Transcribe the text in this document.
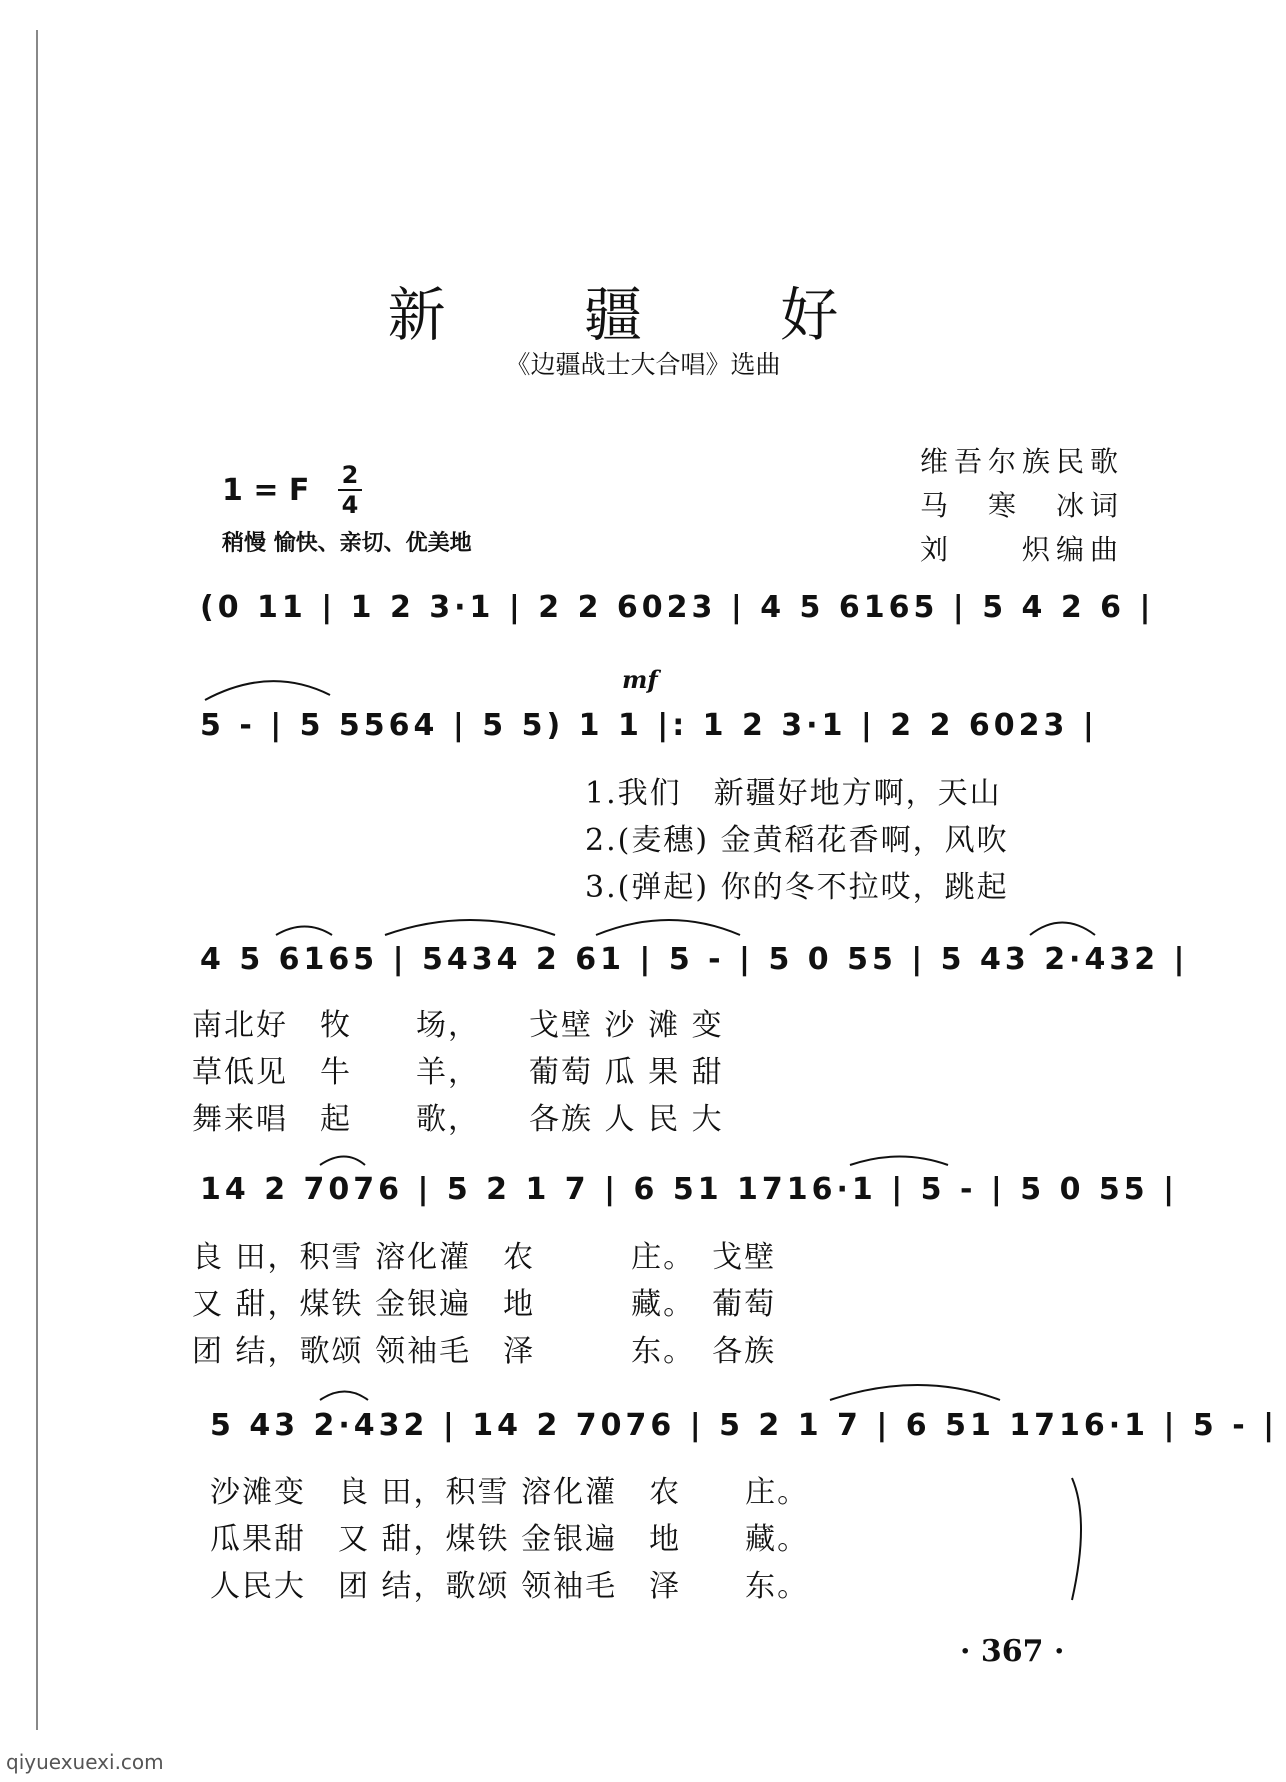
新 疆 好
《边疆战士大合唱》选曲
维吾尔族民歌
马　寒　冰词
刘　　炽编曲
1 = F 2
4
稍慢 愉快、亲切、优美地
(0 11 | 1 2 3·1 | 2 2 6023 | 4 5 6165 | 5 4 2 6 |
mf
5 - | 5 5564 | 5 5) 1 1 |: 1 2 3·1 | 2 2 6023 |
1.我们　新疆好地方啊，天山
2.(麦穗) 金黄稻花香啊，风吹
3.(弹起) 你的冬不拉哎，跳起
4 5 6165 | 5434 2 61 | 5 - | 5 0 55 | 5 43 2·432 |
南北好　牧　　场，　　戈壁 沙 滩 变
草低见　牛　　羊，　　葡萄 瓜 果 甜
舞来唱　起　　歌，　　各族 人 民 大
14 2 7076 | 5 2 1 7 | 6 51 1716·1 | 5 - | 5 0 55 |
良 田，积雪 溶化灌　农　　　庄。　戈壁
又 甜，煤铁 金银遍　地　　　藏。　葡萄
团 结，歌颂 领袖毛　泽　　　东。　各族
5 43 2·432 | 14 2 7076 | 5 2 1 7 | 6 51 1716·1 | 5 - |
沙滩变　良 田，积雪 溶化灌　农　　庄。
瓜果甜　又 甜，煤铁 金银遍　地　　藏。
人民大　团 结，歌颂 领袖毛　泽　　东。
· 367 ·
qiyuexuexi.com
